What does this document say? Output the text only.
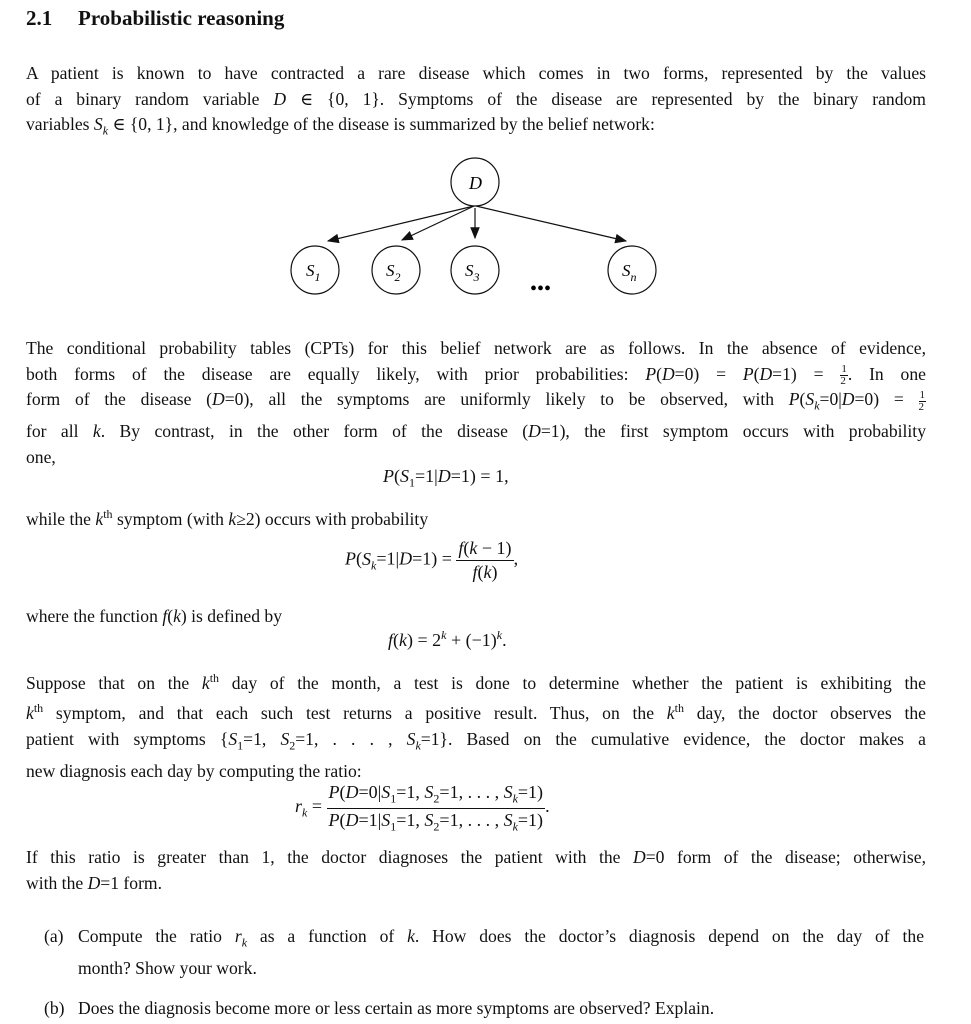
2.1 Probabilistic reasoning
A patient is known to have contracted a rare disease which comes in two forms, represented by the values
of a binary random variable D ∈ {0, 1}. Symptoms of the disease are represented by the binary random
variables $S_k$ ∈ {0, 1}, and knowledge of the disease is summarized by the belief network:
D
$S_1$	$S_2$	$S_3$
•••
$S_n$
The conditional probability tables (CPTs) for this belief network are as follows. In the absence of evidence,
both forms of the disease are equally likely, with prior probabilities: $P(D=0) = P(D=1) = \frac{1}{2}$ . In one
form of the disease (D=0), all the symptoms are uniformly likely to be observed, with $P(S_k=0|D=0) = \frac{1}{2}$
for all k. By contrast, in the other form of the disease (D=1), the first symptom occurs with probability
one,
$P(S_1=1|D=1) = 1$,
while the $k^{th}$ symptom (with k≥2) occurs with probability
$P(S_k=1|D=1) = \frac{f(k - 1)}{f(k)}$ ,
where the function f(k) is defined by
$f(k) = 2^k + (-1)^k$.
Suppose that on the $k^{th}$ day of the month, a test is done to determine whether the patient is exhibiting the
$k^{th}$ symptom, and that each such test returns a positive result. Thus, on the $k^{th}$ day, the doctor observes the
patient with symptoms {$S_1=1$, $S_2=1$, . . . , $S_k=1$}. Based on the cumulative evidence, the doctor makes a
new diagnosis each day by computing the ratio:
$r_k = \frac{P(D=0|S_1=1, S_2=1, . . . , S_k=1)}{P(D=1|S_1=1, S_2=1, . . . , S_k=1)}$ .
If this ratio is greater than 1, the doctor diagnoses the patient with the D=0 form of the disease; otherwise,
with the D=1 form.
(a) Compute the ratio $r_k$ as a function of k. How does the doctor’s diagnosis depend on the day of the
month? Show your work.
(b) Does the diagnosis become more or less certain as more symptoms are observed? Explain.
